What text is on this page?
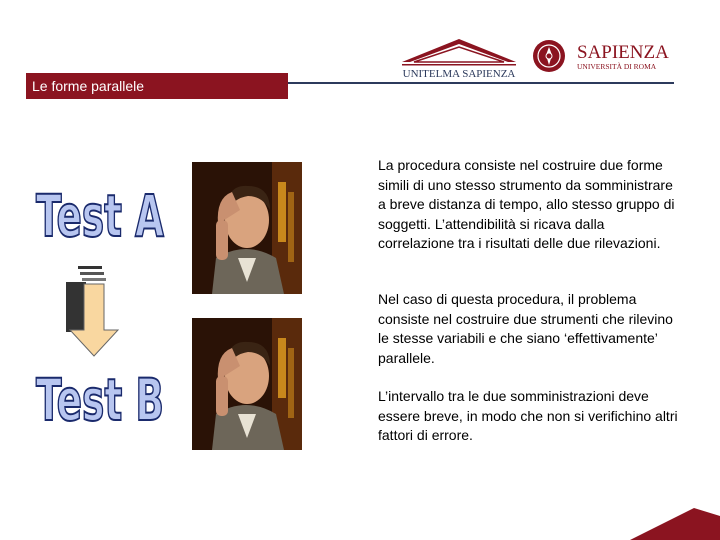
Le forme parallele
UNITELMA SAPIENZA
SAPIENZA
UNIVERSITÀ DI ROMA
Test A
Test B

La procedura consiste nel costruire due forme simili di uno stesso strumento da somministrare a breve distanza di tempo, allo stesso gruppo di soggetti. L’attendibilità si ricava dalla correlazione tra i risultati delle due rilevazioni.

Nel caso di questa procedura, il problema consiste nel costruire due strumenti che rilevino le stesse variabili e che siano ‘effettivamente’ parallele.

L’intervallo tra le due somministrazioni deve essere breve, in modo che non si verifichino altri fattori di errore.
